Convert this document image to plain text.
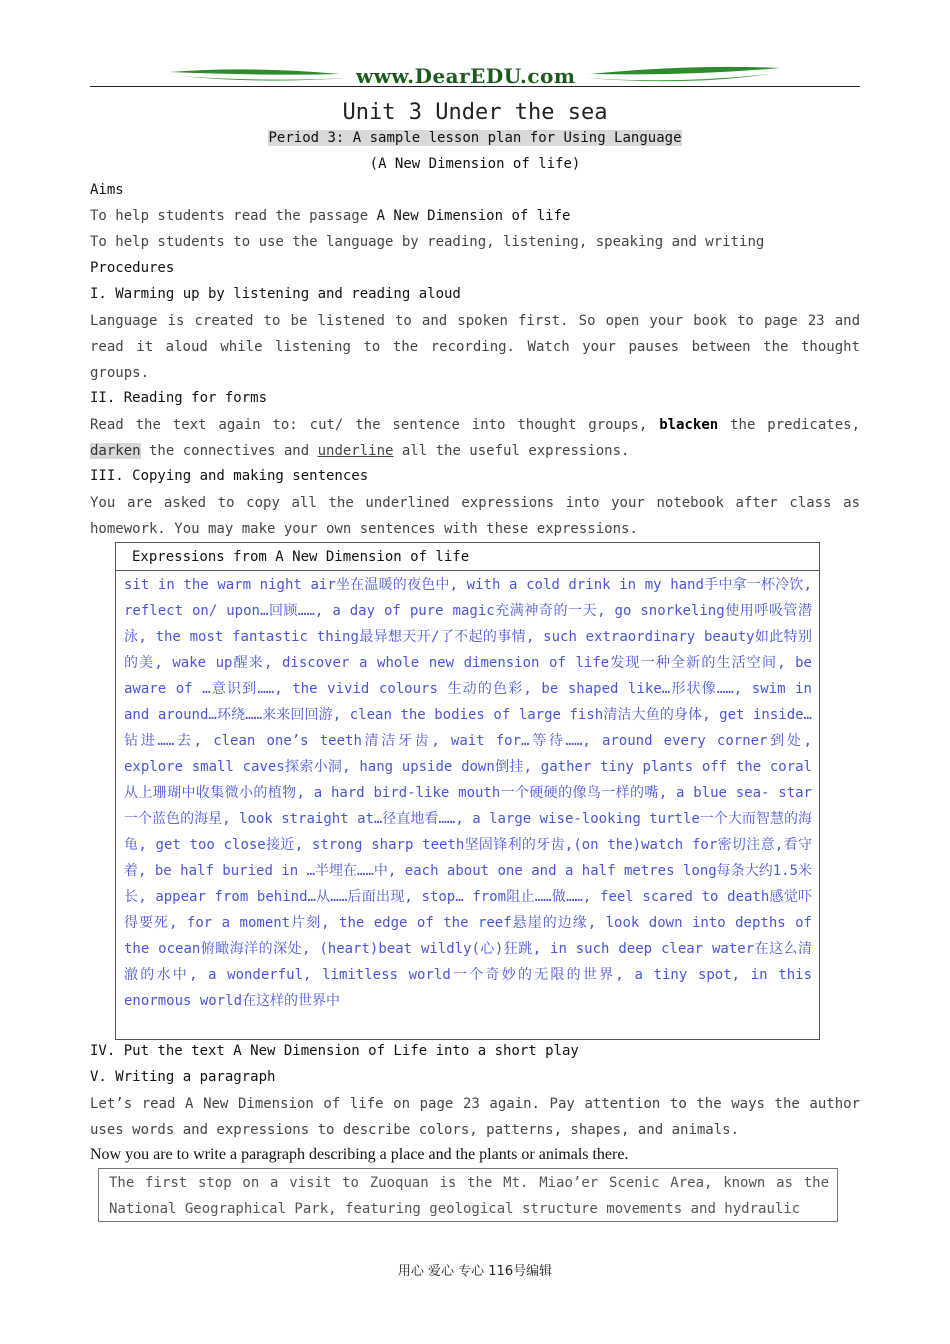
www.DearEDU.com
Unit 3 Under the sea
Period 3: A sample lesson plan for Using Language
(A New Dimension of life)
Aims
To help students read the passage A New Dimension of life
To help students to use the language by reading, listening, speaking and writing
Procedures
I. Warming up by listening and reading aloud
Language is created to be listened to and spoken first. So open your book to page 23 and read it aloud while listening to the recording. Watch your pauses between the thought groups.
II. Reading for forms
Read the text again to: cut/ the sentence into thought groups, blacken the predicates, darken the connectives and underline all the useful expressions.
III. Copying and making sentences
You are asked to copy all the underlined expressions into your notebook after class as homework. You may make your own sentences with these expressions.
Expressions from A New Dimension of life
sit in the warm night air坐在温暖的夜色中, with a cold drink in my hand手中拿一杯冷饮, reflect on/ upon…回顾……, a day of pure magic充满神奇的一天, go snorkeling使用呼吸管潜泳, the most fantastic thing最异想天开/了不起的事情, such extraordinary beauty如此特别的美, wake up醒来, discover a whole new dimension of life发现一种全新的生活空间, be aware of …意识到……, the vivid colours 生动的色彩, be shaped like…形状像……, swim in and around…环绕……来来回回游, clean the bodies of large fish清洁大鱼的身体, get inside…钻进……去, clean one’s teeth清洁牙齿, wait for…等待……, around every corner到处, explore small caves探索小洞, hang upside down倒挂, gather tiny plants off the coral从上珊瑚中收集微小的植物, a hard bird-like mouth一个硬硬的像鸟一样的嘴, a blue sea- star一个蓝色的海星, look straight at…径直地看……, a large wise-looking turtle一个大而智慧的海龟, get too close接近, strong sharp teeth坚固锋利的牙齿,(on the)watch for密切注意,看守着, be half buried in …半埋在……中, each about one and a half metres long每条大约1.5米长, appear from behind…从……后面出现, stop… from阻止……做……, feel scared to death感觉吓得要死, for a moment片刻, the edge of the reef悬崖的边缘, look down into depths of the ocean俯瞰海洋的深处, (heart)beat wildly(心)狂跳, in such deep clear water在这么清澈的水中, a wonderful, limitless world一个奇妙的无限的世界, a tiny spot, in this enormous world在这样的世界中
IV. Put the text A New Dimension of Life into a short play
V. Writing a paragraph
Let’s read A New Dimension of life on page 23 again. Pay attention to the ways the author uses words and expressions to describe colors, patterns, shapes, and animals.
Now you are to write a paragraph describing a place and the plants or animals there.
The first stop on a visit to Zuoquan is the Mt. Miao’er Scenic Area, known as the National Geographical Park, featuring geological structure movements and hydraulic
用心 爱心 专心 116号编辑
